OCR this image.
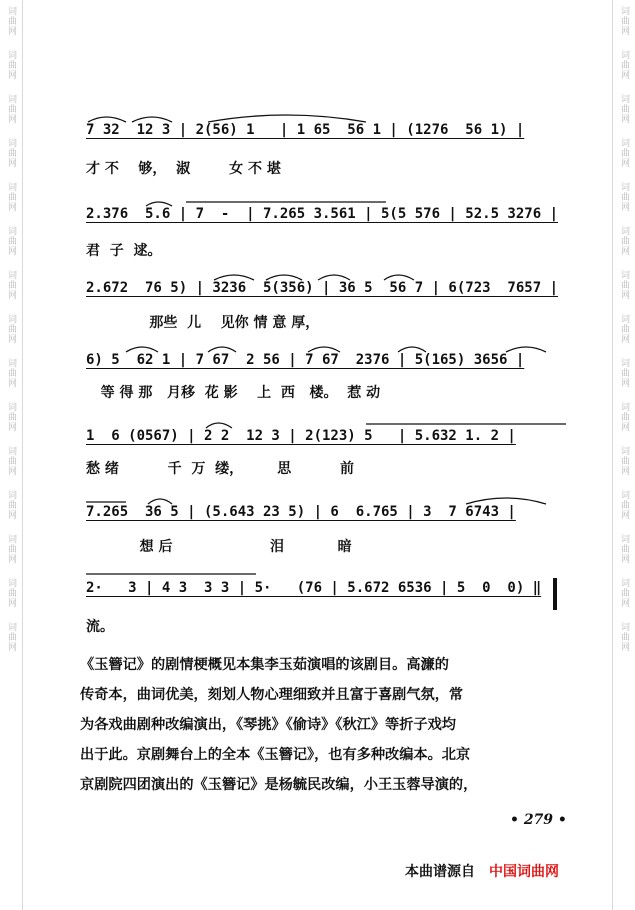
词曲网
词曲网
词曲网
词曲网
词曲网
词曲网
词曲网
词曲网
词曲网
词曲网
词曲网
词曲网
词曲网
词曲网
词曲网
词曲网
词曲网
词曲网
词曲网
词曲网
词曲网
词曲网
词曲网
词曲网
词曲网
词曲网
词曲网
词曲网
词曲网
词曲网
7 32  12 3 | 2(56) 1   | 1 65  56 1 | (1276  56 1) |
才 不    够，  淑        女 不 堪
2.376  5.6 | 7  -  | 7.265 3.561 | 5(5 576 | 52.5 3276 |
君  子  逑。
2.672  76 5) | 3236  5(356) | 36 5  56 7 | 6(723  7657 |
那些  儿    见你 情 意 厚，
6) 5  62 1 | 7 67  2 56 | 7 67  2376 | 5(165) 3656 |
等 得 那   月移  花 影    上  西   楼。  惹 动
1  6 (0567) | 2 2  12 3 | 2(123) 5   | 5.632 1. 2 |
愁 绪          千  万  缕，       思          前
7.265  36 5 | (5.643 23 5) | 6  6.765 | 3  7 6743 |
想 后                    泪           暗
2·   3 | 4 3  3 3 | 5·   (76 | 5.672 6536 | 5  0  0) ‖
流。

《玉簪记》的剧情梗概见本集李玉茹演唱的该剧目。高濂的

传奇本，曲词优美，刻划人物心理细致并且富于喜剧气氛，常

为各戏曲剧种改编演出，《琴挑》《偷诗》《秋江》等折子戏均

出于此。京剧舞台上的全本《玉簪记》，也有多种改编本。北京

京剧院四团演出的《玉簪记》是杨毓民改编，小王玉蓉导演的，

• 279 •
本曲谱源自 中国词曲网
